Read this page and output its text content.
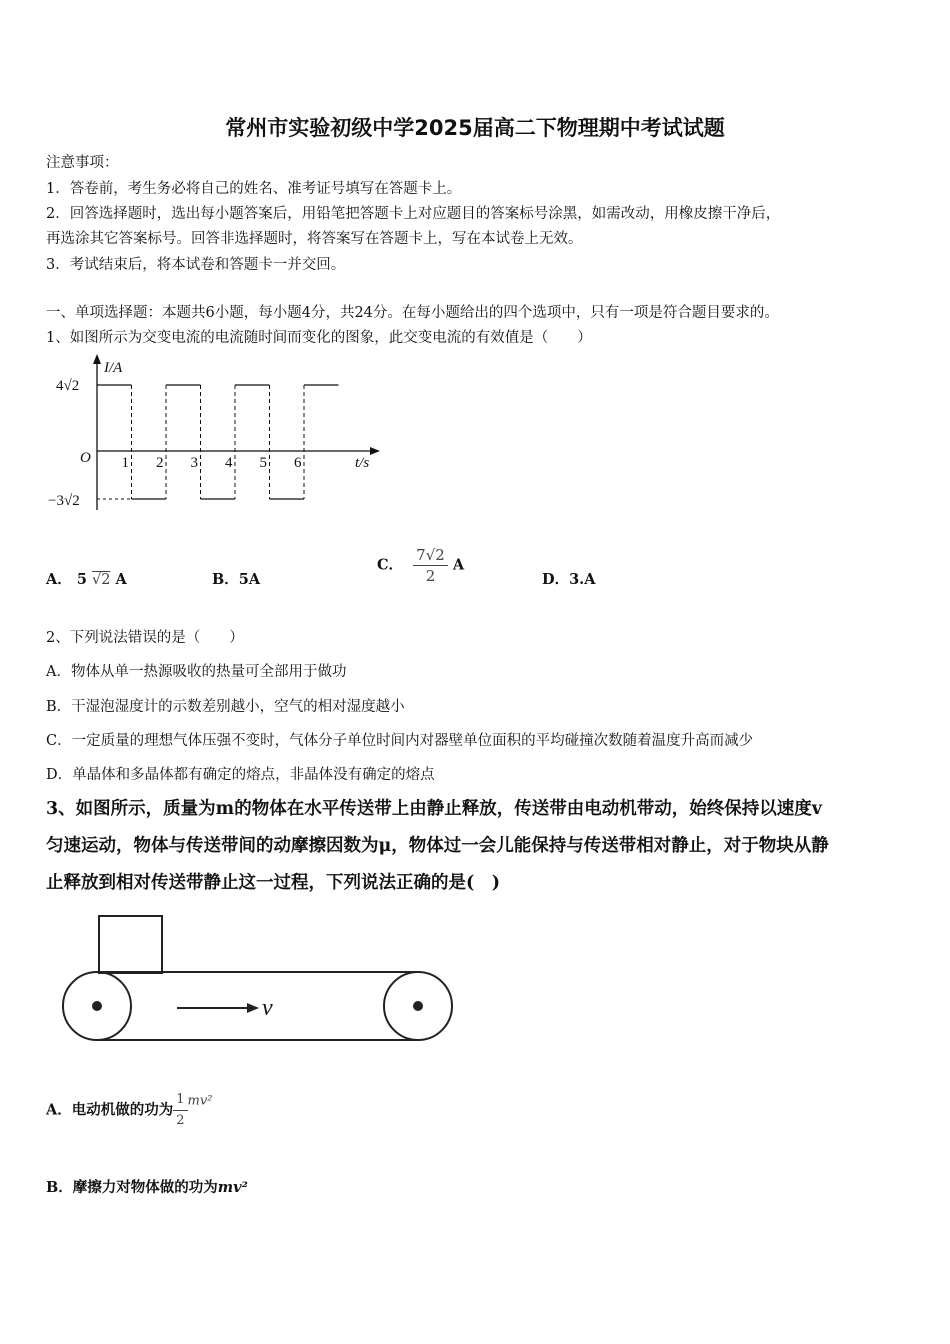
常州市实验初级中学2025届高二下物理期中考试试题
注意事项：
1．答卷前，考生务必将自己的姓名、准考证号填写在答题卡上。
2．回答选择题时，选出每小题答案后，用铅笔把答题卡上对应题目的答案标号涂黑，如需改动，用橡皮擦干净后，
再选涂其它答案标号。回答非选择题时，将答案写在答题卡上，写在本试卷上无效。
3．考试结束后，将本试卷和答题卡一并交回。
一、单项选择题：本题共6小题，每小题4分，共24分。在每小题给出的四个选项中，只有一项是符合题目要求的。
1、如图所示为交变电流的电流随时间而变化的图象，此交变电流的有效值是（　　）
I/A
t/s
O
4√2
−3√2
1 2 3 4 5 6
A． 5 √2 A	B．5A
C． $\frac{7√2}{2}$ A
D．3.A
2、下列说法错误的是（　　）
A．物体从单一热源吸收的热量可全部用于做功
B．干湿泡湿度计的示数差别越小，空气的相对湿度越小
C．一定质量的理想气体压强不变时，气体分子单位时间内对器壁单位面积的平均碰撞次数随着温度升高而减少
D．单晶体和多晶体都有确定的熔点，非晶体没有确定的熔点
3、如图所示，质量为m的物体在水平传送带上由静止释放，传送带由电动机带动，始终保持以速度v
匀速运动，物体与传送带间的动摩擦因数为μ，物体过一会儿能保持与传送带相对静止，对于物块从静
止释放到相对传送带静止这一过程，下列说法正确的是(　)
v
A．电动机做的功为 $\frac{1}{2} mv^2$
B．摩擦力对物体做的功为mv²
